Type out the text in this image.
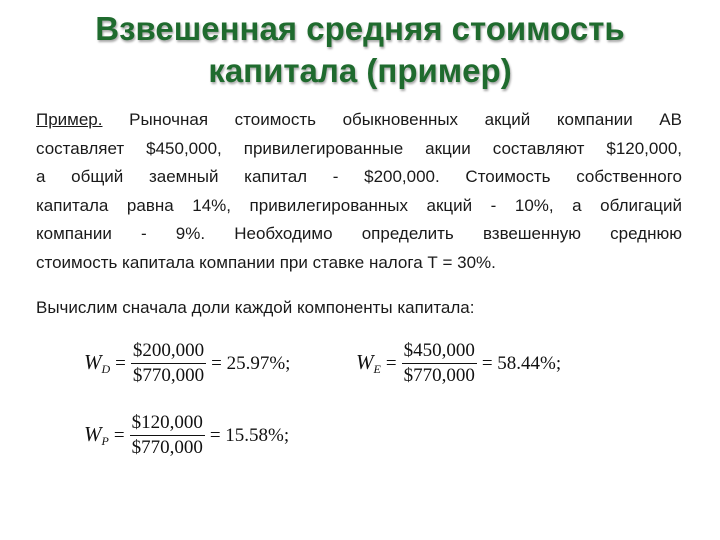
Взвешенная средняя стоимость
капитала (пример)
Пример. Рыночная стоимость обыкновенных акций компании АВ
составляет $450,000, привилегированные акции составляют $120,000,
а общий заемный капитал - $200,000. Стоимость собственного
капитала равна 14%, привилегированных акций - 10%, а облигаций
компании - 9%. Необходимо определить взвешенную среднюю
стоимость капитала компании при ставке налога Т = 30%.

Вычислим сначала доли каждой компоненты капитала:

$W_D = \frac{\$200,000}{\$770,000} = 25.97\%$;	$W_E = \frac{\$450,000}{\$770,000} = 58.44\%$;
$W_P = \frac{\$120,000}{\$770,000} = 15.58\%$;
